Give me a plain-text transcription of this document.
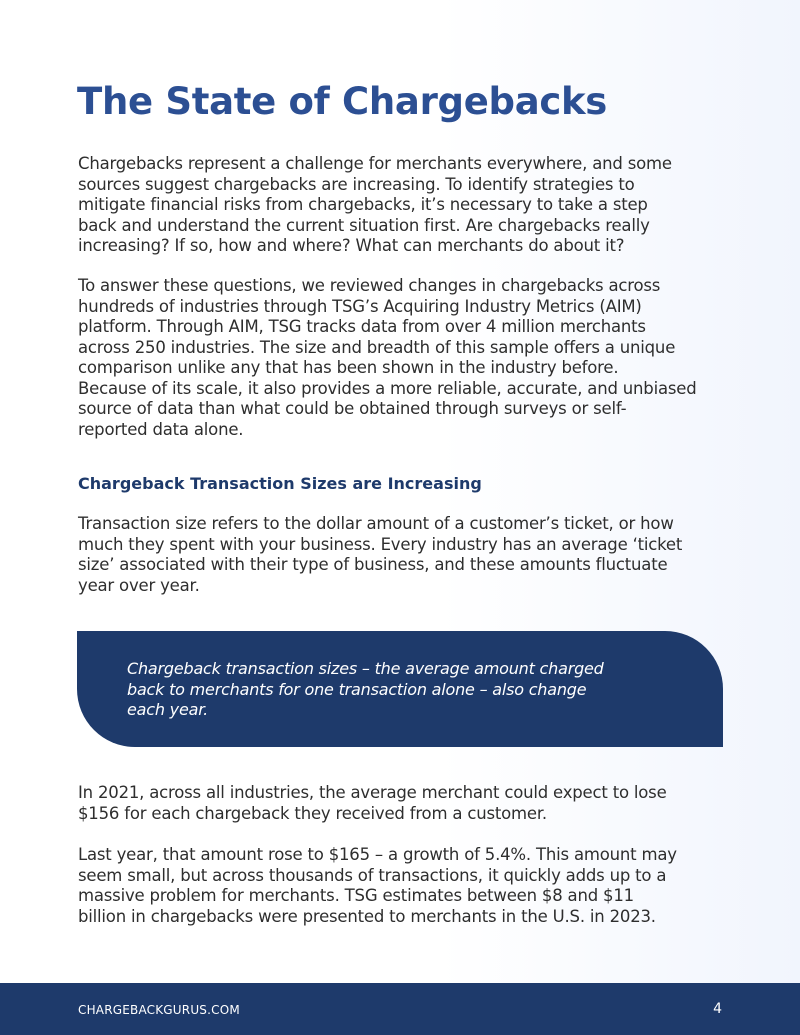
The State of Chargebacks
Chargebacks represent a challenge for merchants everywhere, and some
sources suggest chargebacks are increasing. To identify strategies to
mitigate financial risks from chargebacks, it’s necessary to take a step
back and understand the current situation first. Are chargebacks really
increasing? If so, how and where? What can merchants do about it?
To answer these questions, we reviewed changes in chargebacks across
hundreds of industries through TSG’s Acquiring Industry Metrics (AIM)
platform. Through AIM, TSG tracks data from over 4 million merchants
across 250 industries. The size and breadth of this sample offers a unique
comparison unlike any that has been shown in the industry before.
Because of its scale, it also provides a more reliable, accurate, and unbiased
source of data than what could be obtained through surveys or self-
reported data alone.
Chargeback Transaction Sizes are Increasing
Transaction size refers to the dollar amount of a customer’s ticket, or how
much they spent with your business. Every industry has an average ‘ticket
size’ associated with their type of business, and these amounts fluctuate
year over year.
Chargeback transaction sizes – the average amount charged
back to merchants for one transaction alone – also change
each year.
In 2021, across all industries, the average merchant could expect to lose
$156 for each chargeback they received from a customer.
Last year, that amount rose to $165 – a growth of 5.4%. This amount may
seem small, but across thousands of transactions, it quickly adds up to a
massive problem for merchants. TSG estimates between $8 and $11
billion in chargebacks were presented to merchants in the U.S. in 2023.
CHARGEBACKGURUS.COM	4
